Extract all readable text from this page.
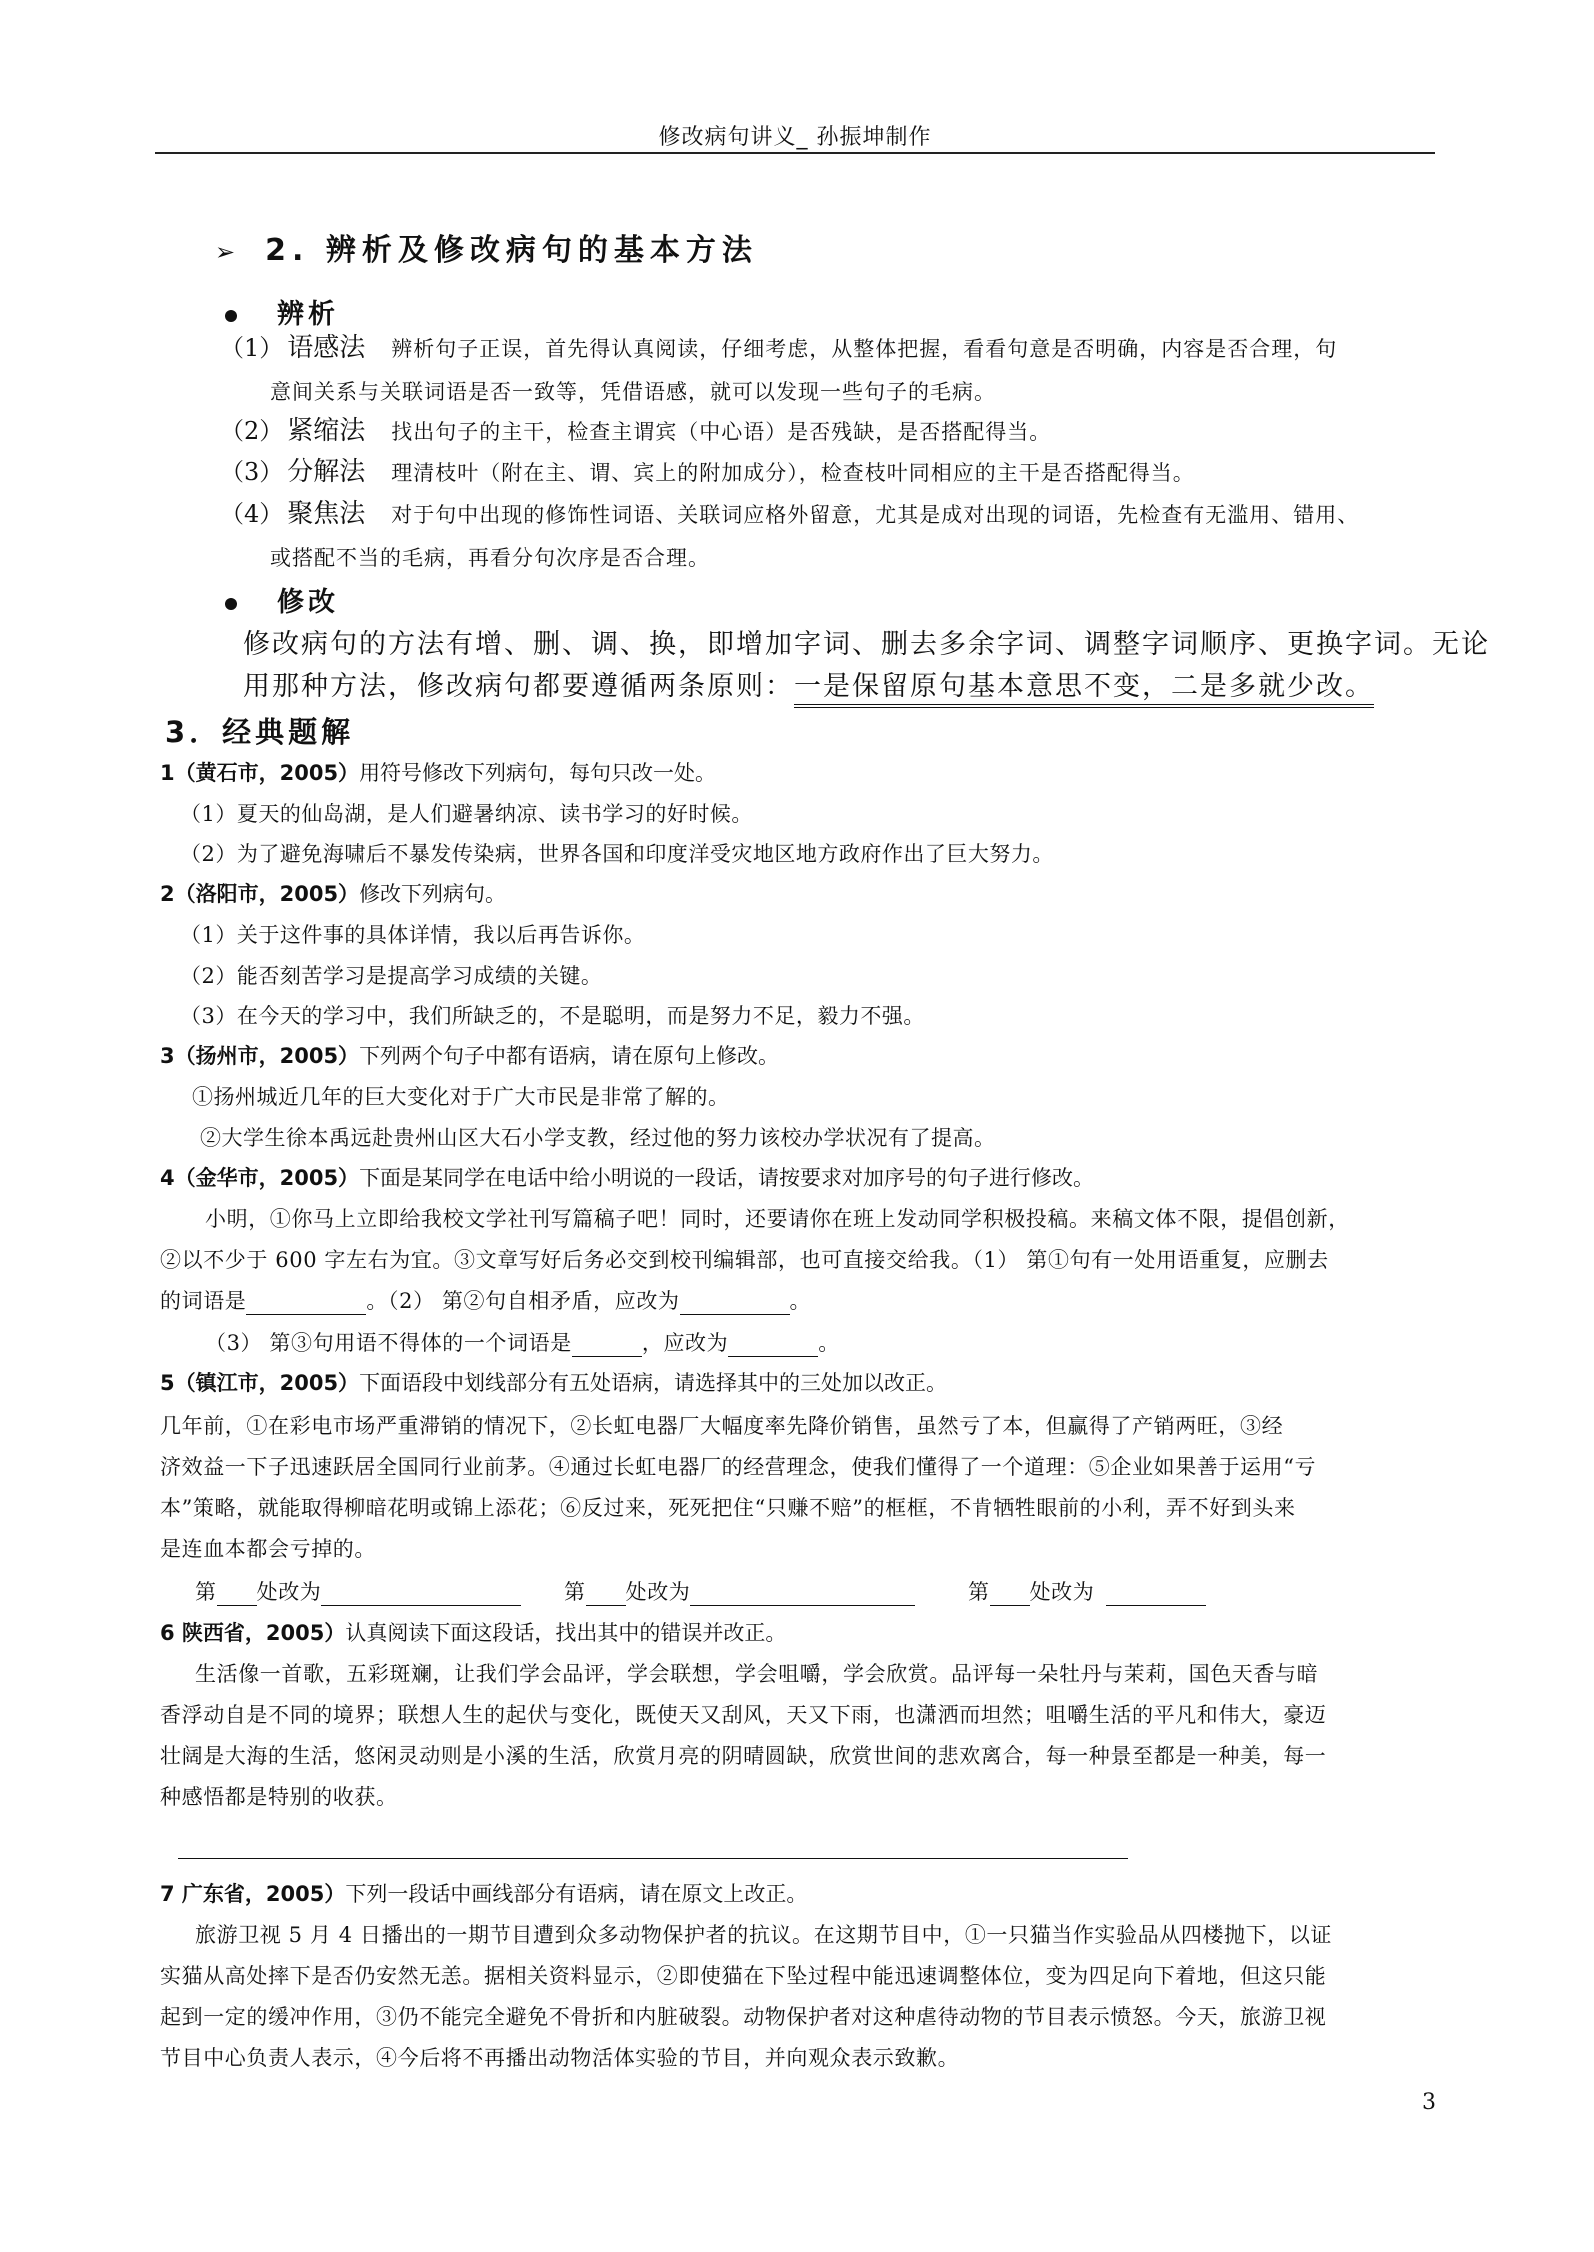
修改病句讲义_ 孙振坤制作
➢ 2. 辨析及修改病句的基本方法
辨析
（1） 语感法 辨析句子正误，首先得认真阅读，仔细考虑，从整体把握，看看句意是否明确，内容是否合理，句
意间关系与关联词语是否一致等，凭借语感，就可以发现一些句子的毛病。
（2） 紧缩法 找出句子的主干，检查主谓宾（中心语）是否残缺，是否搭配得当。
（3） 分解法 理清枝叶（附在主、谓、宾上的附加成分），检查枝叶同相应的主干是否搭配得当。
（4） 聚焦法 对于句中出现的修饰性词语、关联词应格外留意，尤其是成对出现的词语，先检查有无滥用、错用、
或搭配不当的毛病，再看分句次序是否合理。
修改
修改病句的方法有增、删、调、换，即增加字词、删去多余字词、调整字词顺序、更换字词。无论
用那种方法，修改病句都要遵循两条原则：一是保留原句基本意思不变，二是多就少改。
3．经典题解
1（黄石市，2005）用符号修改下列病句，每句只改一处。
（1）夏天的仙岛湖，是人们避暑纳凉、读书学习的好时候。
（2）为了避免海啸后不暴发传染病，世界各国和印度洋受灾地区地方政府作出了巨大努力。
2（洛阳市，2005）修改下列病句。
（1）关于这件事的具体详情，我以后再告诉你。
（2）能否刻苦学习是提高学习成绩的关键。
（3）在今天的学习中，我们所缺乏的，不是聪明，而是努力不足，毅力不强。
3（扬州市，2005）下列两个句子中都有语病，请在原句上修改。
①扬州城近几年的巨大变化对于广大市民是非常了解的。
②大学生徐本禹远赴贵州山区大石小学支教，经过他的努力该校办学状况有了提高。
4（金华市，2005）下面是某同学在电话中给小明说的一段话，请按要求对加序号的句子进行修改。
小明，①你马上立即给我校文学社刊写篇稿子吧！同时，还要请你在班上发动同学积极投稿。来稿文体不限，提倡创新，
②以不少于 600 字左右为宜。③文章写好后务必交到校刊编辑部，也可直接交给我。（1） 第①句有一处用语重复，应删去
的词语是	。（2） 第②句自相矛盾，应改为	。
（3） 第③句用语不得体的一个词语是	，应改为	。
5（镇江市，2005）下面语段中划线部分有五处语病，请选择其中的三处加以改正。
几年前，①在彩电市场严重滞销的情况下，②长虹电器厂大幅度率先降价销售，虽然亏了本，但赢得了产销两旺，③经
济效益一下子迅速跃居全国同行业前茅。④通过长虹电器厂的经营理念，使我们懂得了一个道理：⑤企业如果善于运用“亏
本”策略，就能取得柳暗花明或锦上添花；⑥反过来，死死把住“只赚不赔”的框框，不肯牺牲眼前的小利，弄不好到头来
是连血本都会亏掉的。
第 处改为	第 处改为	第 处改为
6 陕西省，2005）认真阅读下面这段话，找出其中的错误并改正。
生活像一首歌，五彩斑斓，让我们学会品评，学会联想，学会咀嚼，学会欣赏。品评每一朵牡丹与茉莉，国色天香与暗
香浮动自是不同的境界；联想人生的起伏与变化，既使天又刮风，天又下雨，也潇洒而坦然；咀嚼生活的平凡和伟大，豪迈
壮阔是大海的生活，悠闲灵动则是小溪的生活，欣赏月亮的阴晴圆缺，欣赏世间的悲欢离合，每一种景至都是一种美，每一
种感悟都是特别的收获。
7 广东省，2005）下列一段话中画线部分有语病，请在原文上改正。
旅游卫视 5 月 4 日播出的一期节目遭到众多动物保护者的抗议。在这期节目中，①一只猫当作实验品从四楼抛下，以证
实猫从高处摔下是否仍安然无恙。据相关资料显示，②即使猫在下坠过程中能迅速调整体位，变为四足向下着地，但这只能
起到一定的缓冲作用，③仍不能完全避免不骨折和内脏破裂。动物保护者对这种虐待动物的节目表示愤怒。今天，旅游卫视
节目中心负责人表示，④今后将不再播出动物活体实验的节目，并向观众表示致歉。
3
